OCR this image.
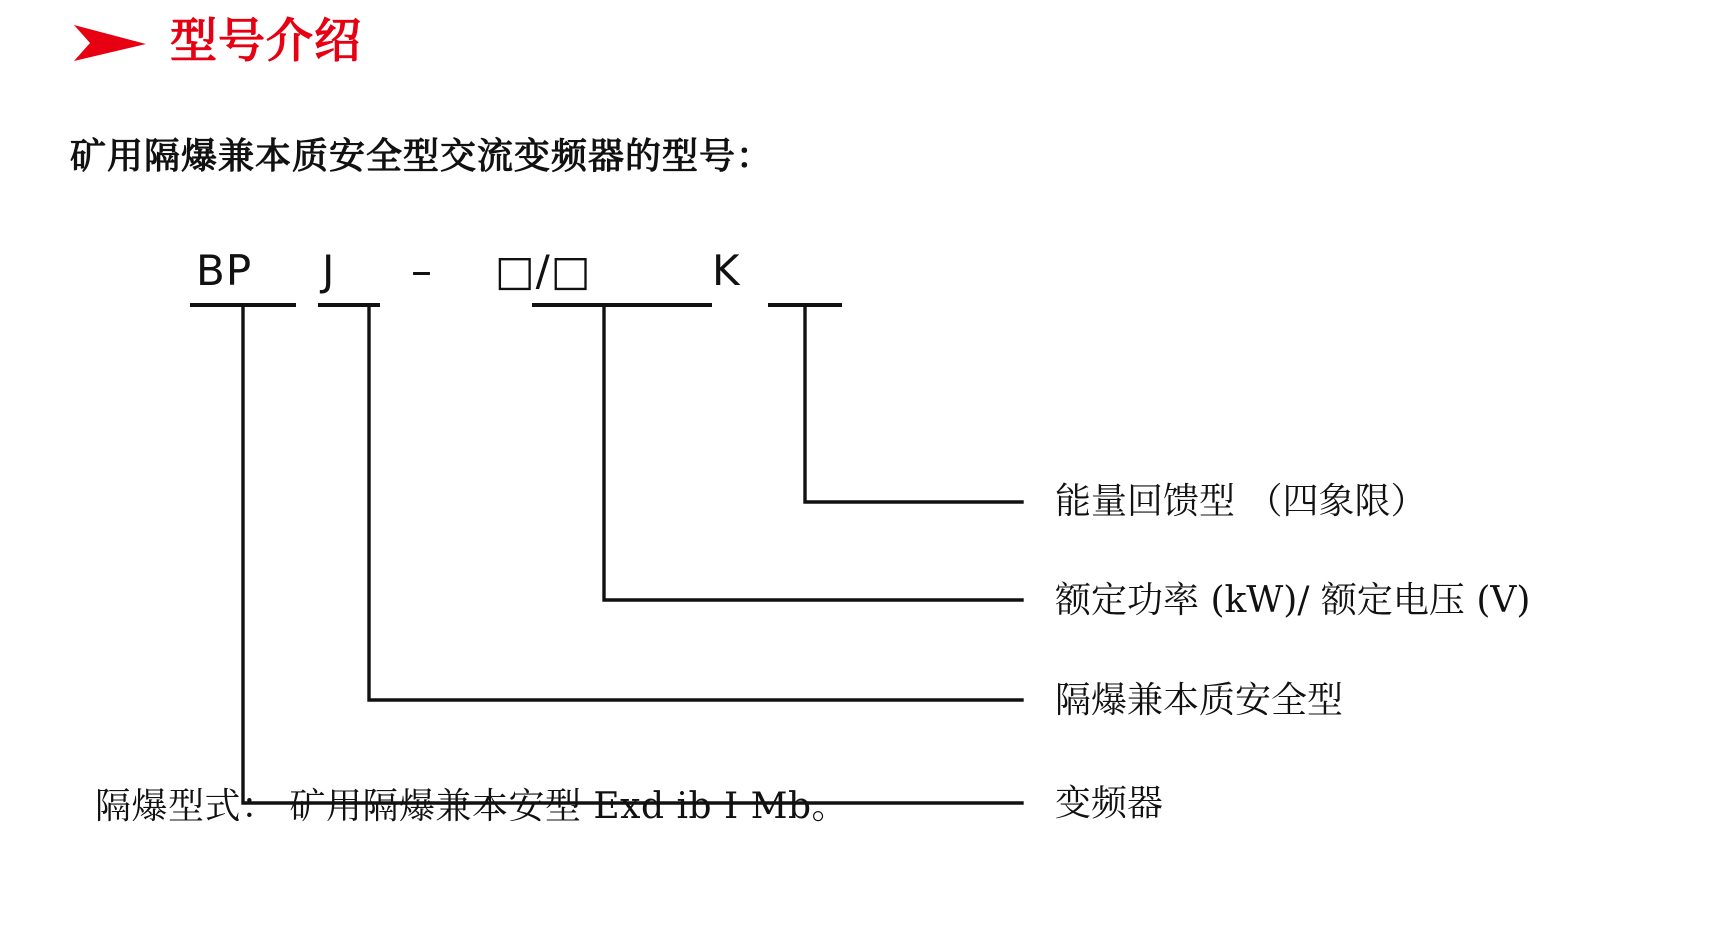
型号介绍
矿用隔爆兼本质安全型交流变频器的型号：
BP J – □/□	K
能量回馈型 （四象限）
额定功率 (kW)/ 额定电压 (V)
隔爆兼本质安全型
变频器
隔爆型式： 矿用隔爆兼本安型 Exd ib I Mb。
